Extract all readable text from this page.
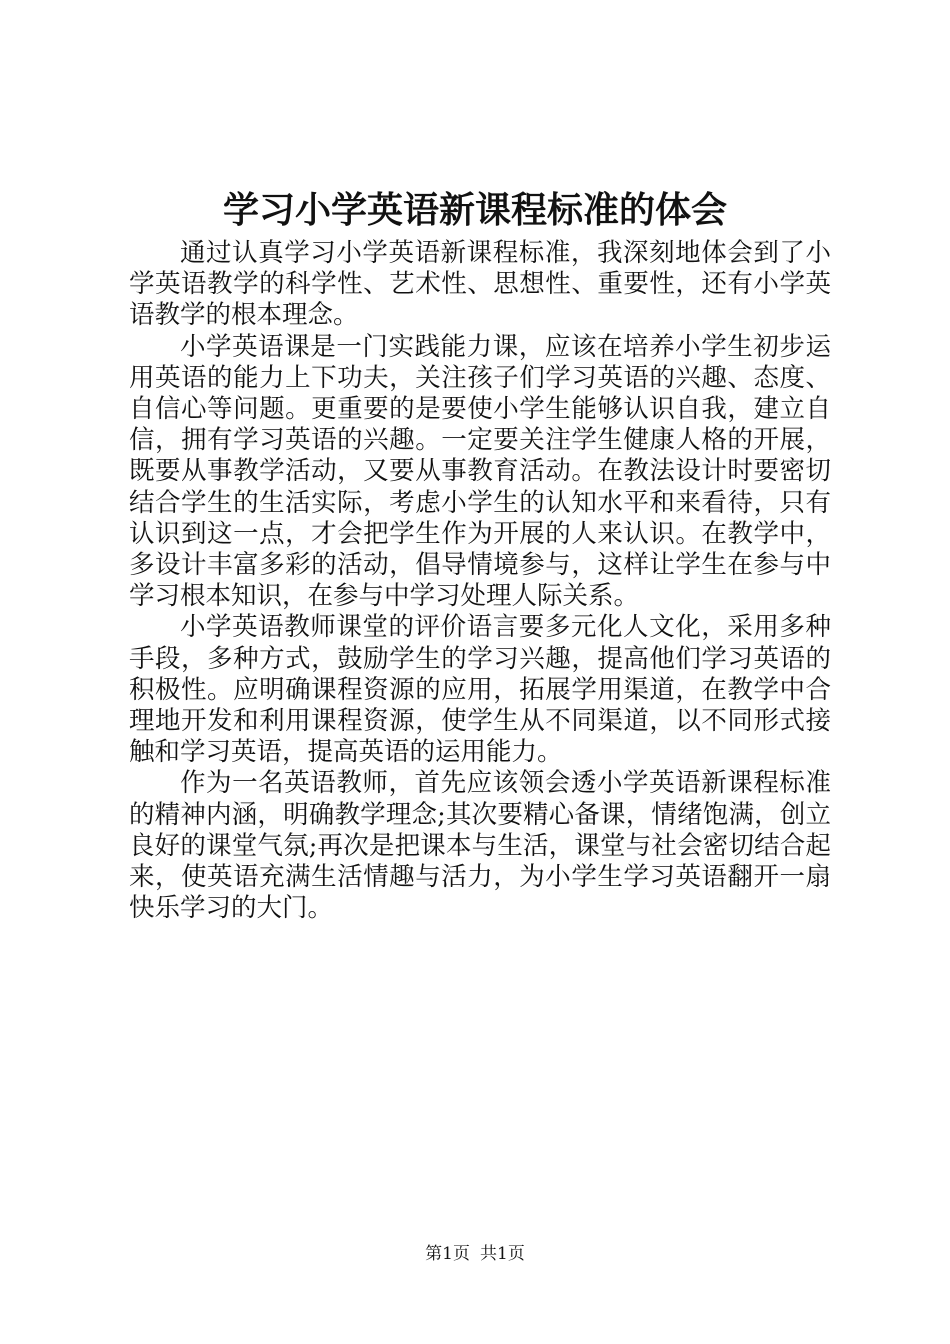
学习小学英语新课程标准的体会

通过认真学习小学英语新课程标准，我深刻地体会到了小学英语教学的科学性、艺术性、思想性、重要性，还有小学英语教学的根本理念。

小学英语课是一门实践能力课，应该在培养小学生初步运用英语的能力上下功夫，关注孩子们学习英语的兴趣、态度、自信心等问题。更重要的是要使小学生能够认识自我，建立自信，拥有学习英语的兴趣。一定要关注学生健康人格的开展，既要从事教学活动，又要从事教育活动。在教法设计时要密切结合学生的生活实际，考虑小学生的认知水平和来看待，只有认识到这一点，才会把学生作为开展的人来认识。在教学中，多设计丰富多彩的活动，倡导情境参与，这样让学生在参与中学习根本知识，在参与中学习处理人际关系。

小学英语教师课堂的评价语言要多元化人文化，采用多种手段，多种方式，鼓励学生的学习兴趣，提高他们学习英语的积极性。应明确课程资源的应用，拓展学用渠道，在教学中合理地开发和利用课程资源，使学生从不同渠道，以不同形式接触和学习英语，提高英语的运用能力。

作为一名英语教师，首先应该领会透小学英语新课程标准的精神内涵，明确教学理念;其次要精心备课，情绪饱满，创立良好的课堂气氛;再次是把课本与生活，课堂与社会密切结合起来，使英语充满生活情趣与活力，为小学生学习英语翻开一扇快乐学习的大门。

第1页 共1页
